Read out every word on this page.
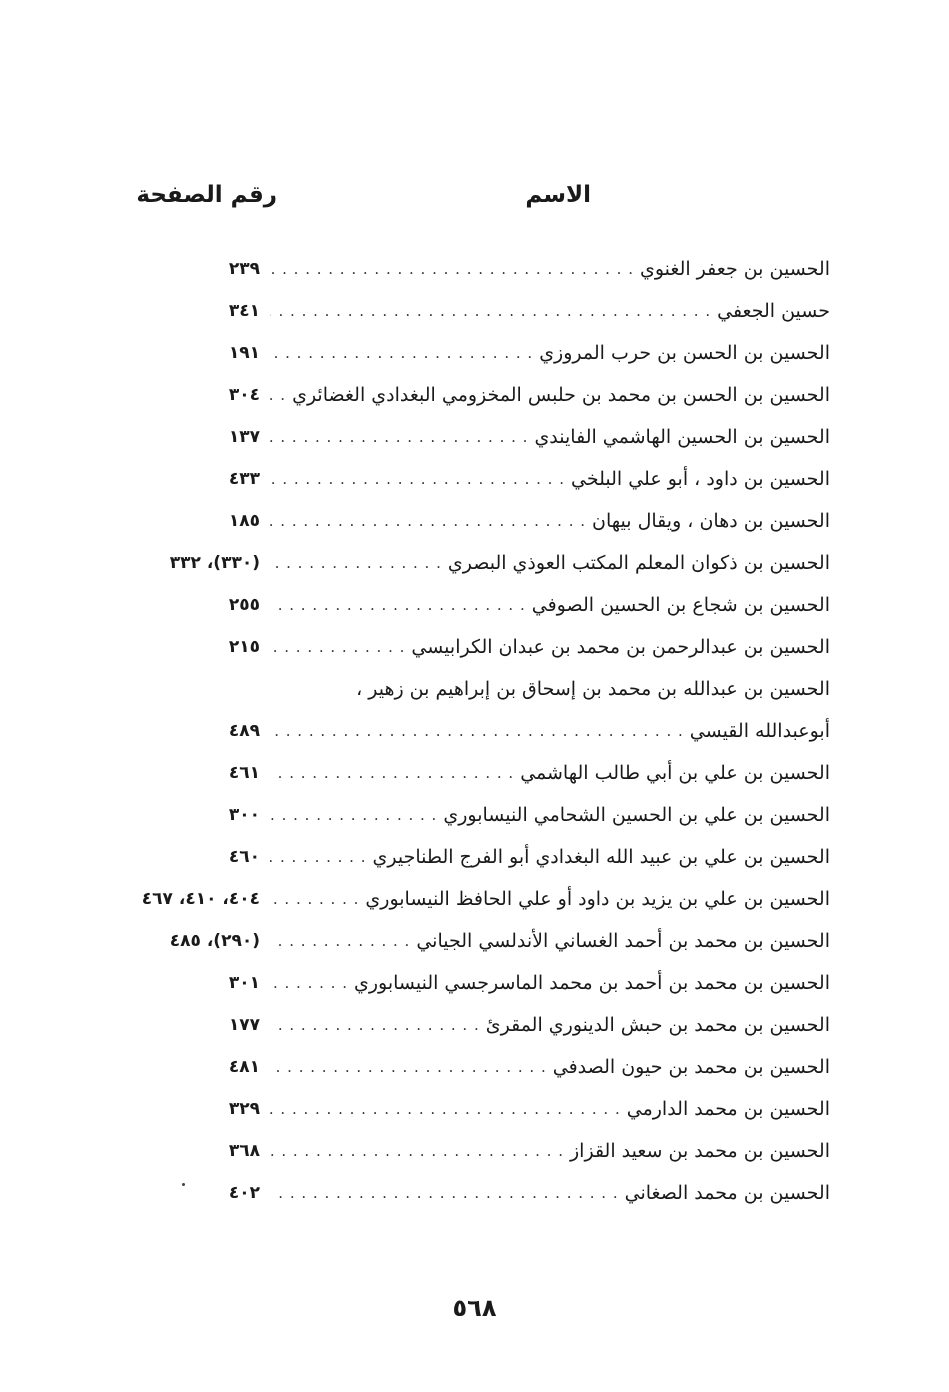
الاسم
رقم الصفحة
الحسين بن جعفر الغنوي
. . .
٢٣٩
حسين الجعفي
. . .
٣٤١
الحسين بن الحسن بن حرب المروزي
. . .
١٩١
الحسين بن الحسن بن محمد بن حلبس المخزومي البغدادي الغضائري
. . .
٣٠٤
الحسين بن الحسين الهاشمي الفايندي
. . .
١٣٧
الحسين بن داود ، أبو علي البلخي
. . .
٤٣٣
الحسين بن دهان ، ويقال بيهان
. . .
١٨٥
الحسين بن ذكوان المعلم المكتب العوذي البصري
. . .
(٣٣٠)، ٣٣٢
الحسين بن شجاع بن الحسين الصوفي
. . .
٢٥٥
الحسين بن عبدالرحمن بن محمد بن عبدان الكرابيسي
. . .
٢١٥
الحسين بن عبدالله بن محمد بن إسحاق بن إبراهيم بن زهير ،
أبوعبدالله القيسي
. . .
٤٨٩
الحسين بن علي بن أبي طالب الهاشمي
. . .
٤٦١
الحسين بن علي بن الحسين الشحامي النيسابوري
. . .
٣٠٠
الحسين بن علي بن عبيد الله البغدادي أبو الفرج الطناجيري
. . .
٤٦٠
الحسين بن علي بن يزيد بن داود أو علي الحافظ النيسابوري
. . .
٤٠٤، ٤١٠، ٤٦٧
الحسين بن محمد بن أحمد الغساني الأندلسي الجياني
. . .
(٢٩٠)، ٤٨٥
الحسين بن محمد بن أحمد بن محمد الماسرجسي النيسابوري
. . .
٣٠١
الحسين بن محمد بن حبش الدينوري المقرئ
. . .
١٧٧
الحسين بن محمد بن حيون الصدفي
. . .
٤٨١
الحسين بن محمد الدارمي
. . .
٣٢٩
الحسين بن محمد بن سعيد القزاز
. . .
٣٦٨
الحسين بن محمد الصغاني
. . .
٤٠٢
٥٦٨
